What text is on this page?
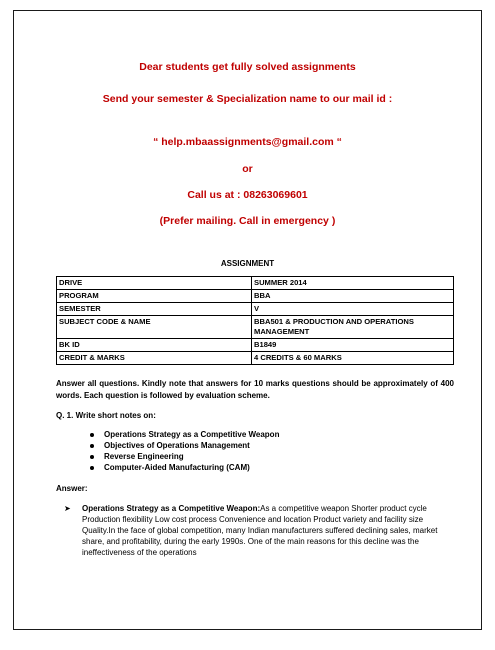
Dear students get fully solved assignments
Send your semester & Specialization name to our mail id :
“ help.mbaassignments@gmail.com “
or
Call us at : 08263069601
(Prefer mailing. Call in emergency )
ASSIGNMENT
DRIVE	SUMMER 2014
PROGRAM	BBA
SEMESTER	V
SUBJECT CODE & NAME	BBA501 & PRODUCTION AND OPERATIONS MANAGEMENT
BK ID	B1849
CREDIT & MARKS	4 CREDITS & 60 MARKS
Answer all questions. Kindly note that answers for 10 marks questions should be approximately of 400 words. Each question is followed by evaluation scheme.
Q. 1. Write short notes on:
Operations Strategy as a Competitive Weapon
Objectives of Operations Management
Reverse Engineering
Computer-Aided Manufacturing (CAM)
Answer:
➤ Operations Strategy as a Competitive Weapon:As a competitive weapon Shorter product cycle Production flexibility Low cost process Convenience and location Product variety and facility size Quality.In the face of global competition, many Indian manufacturers suffered declining sales, market share, and profitability, during the early 1990s. One of the main reasons for this decline was the ineffectiveness of the operations
